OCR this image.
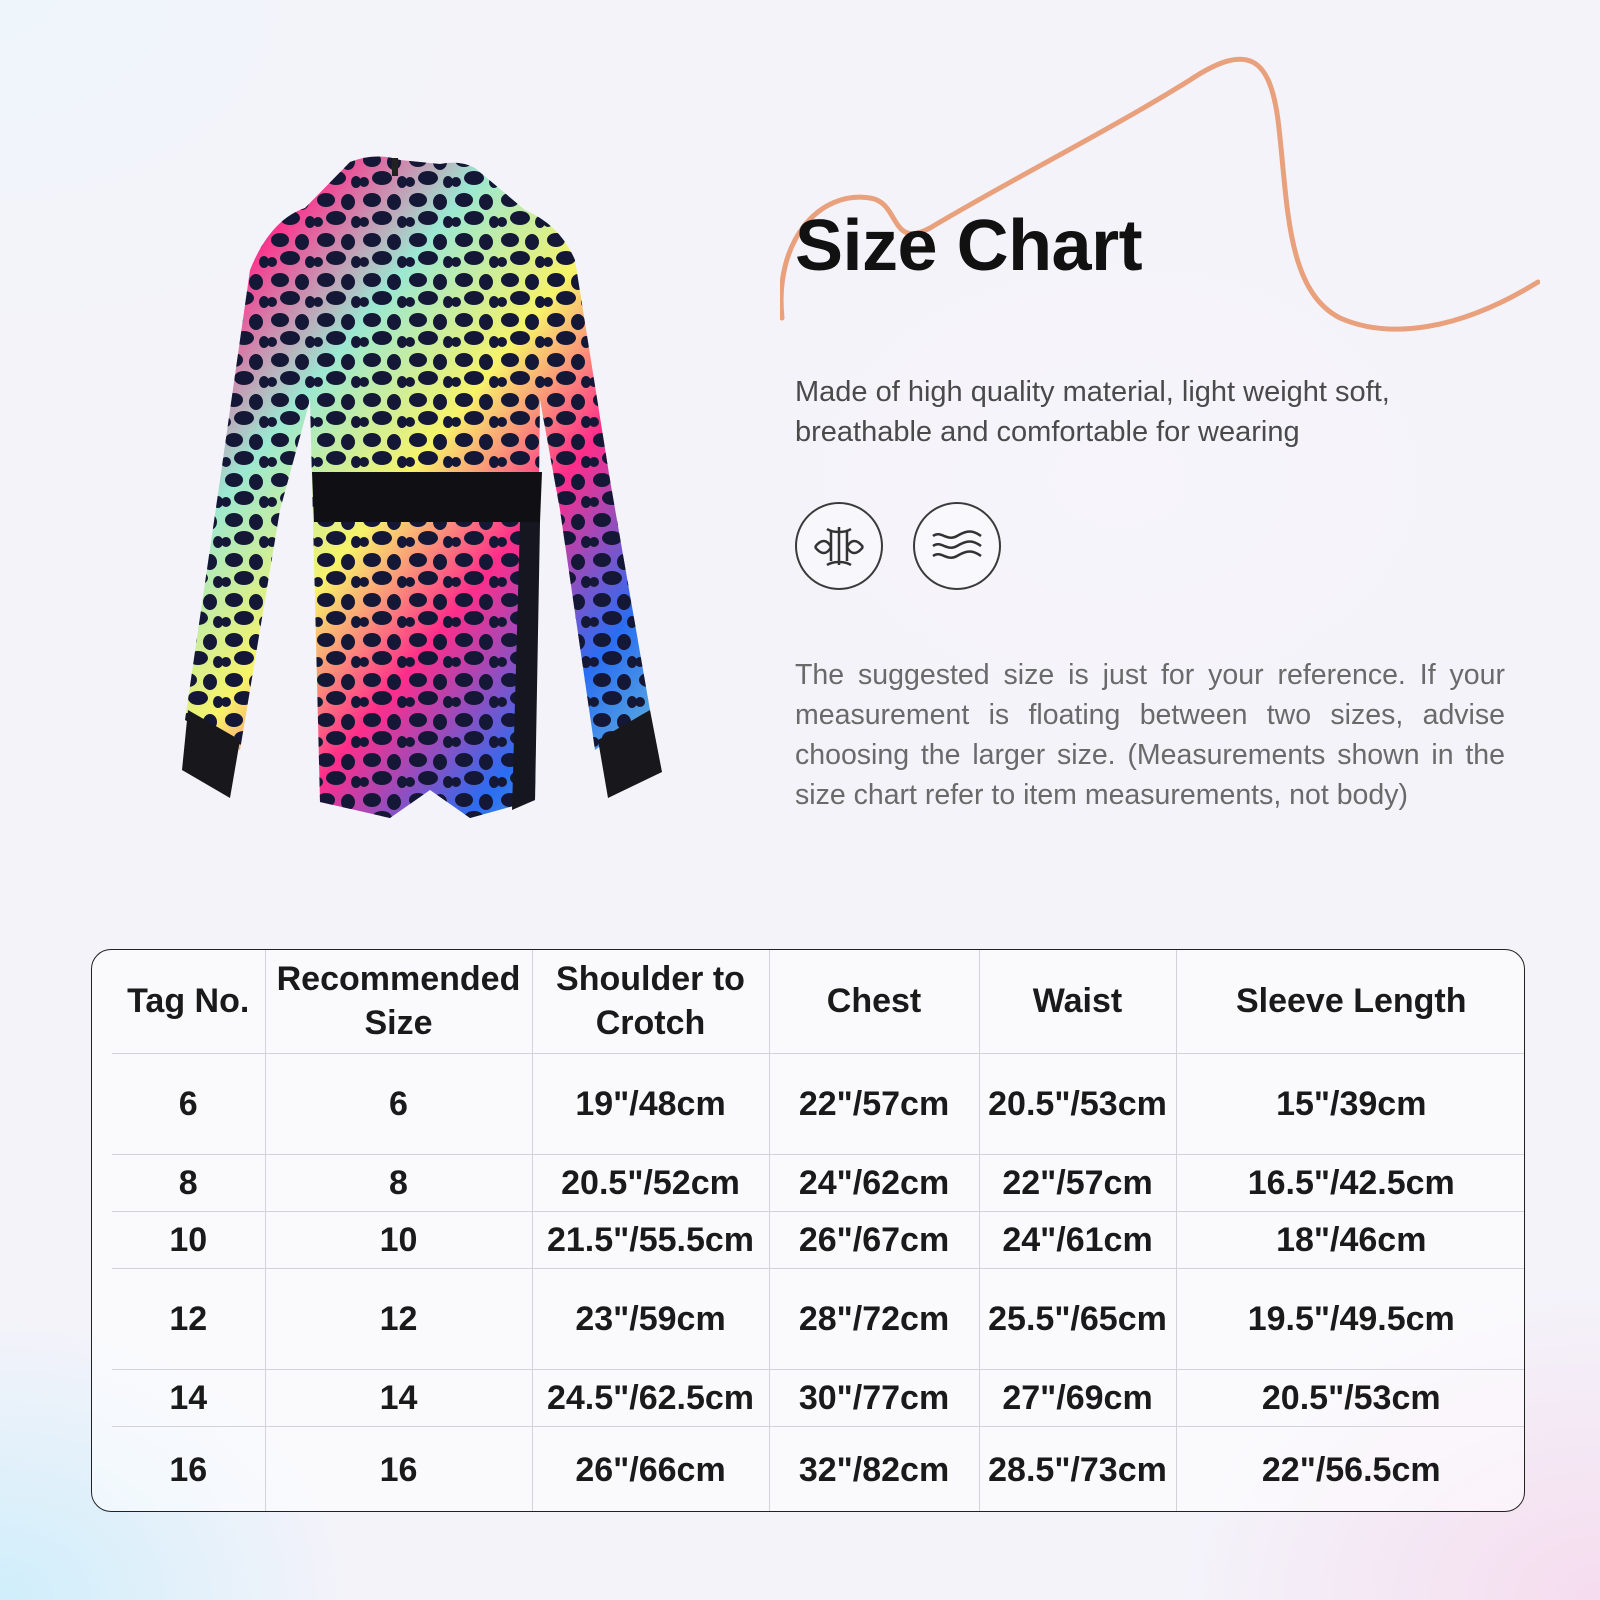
Size Chart

Made of high quality material, light weight soft, breathable and comfortable for wearing

The suggested size is just for your reference. If your measurement is floating between two sizes, advise choosing the larger size. (Measurements shown in the size chart refer to item measurements, not body)

Tag No.	Recommended Size	Shoulder to Crotch	Chest	Waist	Sleeve Length
6	6	19"/48cm	22"/57cm	20.5"/53cm	15"/39cm
8	8	20.5"/52cm	24"/62cm	22"/57cm	16.5"/42.5cm
10	10	21.5"/55.5cm	26"/67cm	24"/61cm	18"/46cm
12	12	23"/59cm	28"/72cm	25.5"/65cm	19.5"/49.5cm
14	14	24.5"/62.5cm	30"/77cm	27"/69cm	20.5"/53cm
16	16	26"/66cm	32"/82cm	28.5"/73cm	22"/56.5cm
